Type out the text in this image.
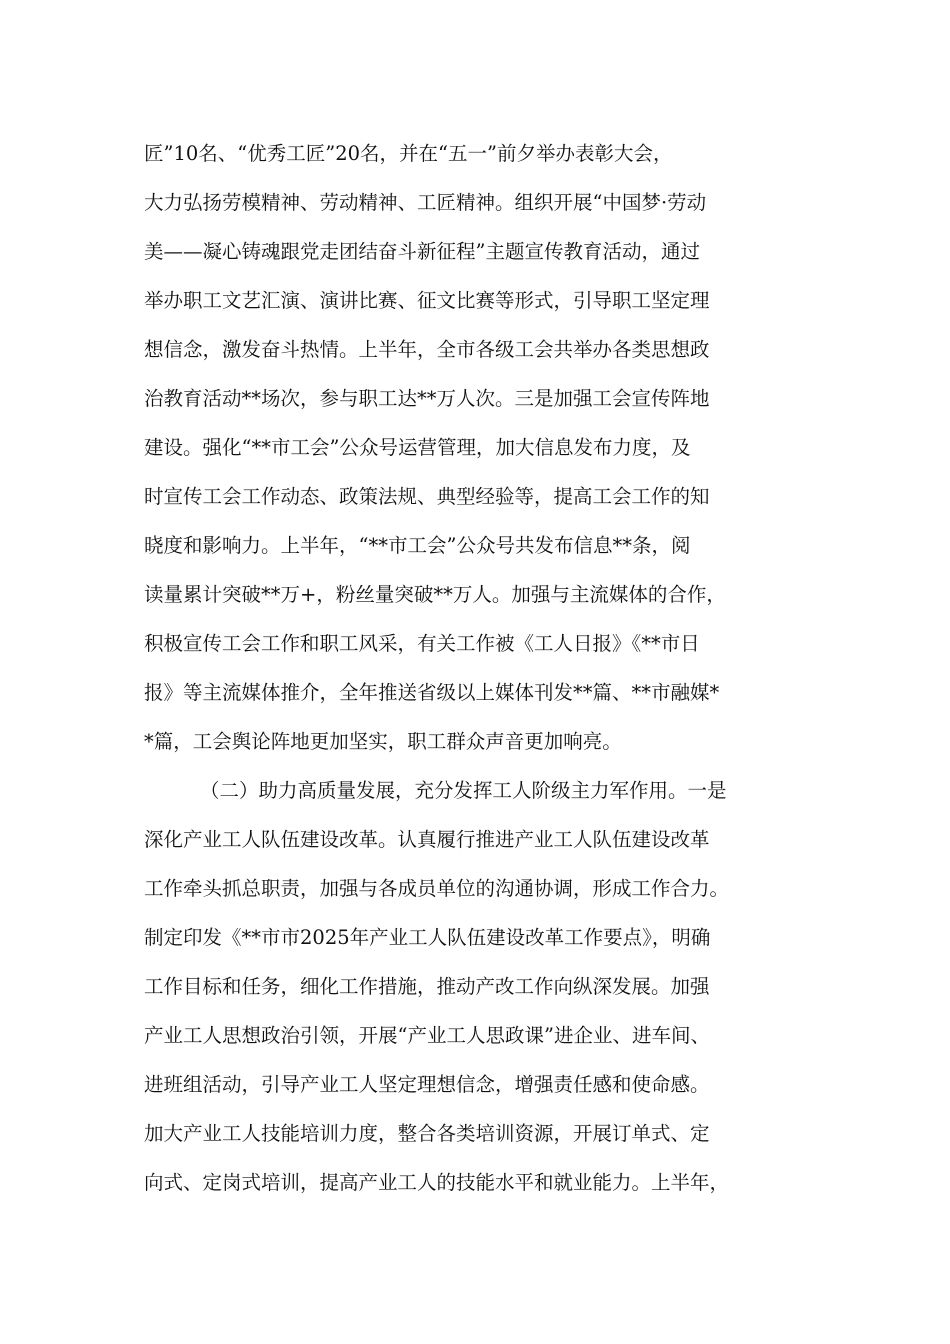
匠”10名、“优秀工匠”20名，并在“五一”前夕举办表彰大会，
大力弘扬劳模精神、劳动精神、工匠精神。组织开展“中国梦·劳动
美——凝心铸魂跟党走团结奋斗新征程”主题宣传教育活动，通过
举办职工文艺汇演、演讲比赛、征文比赛等形式，引导职工坚定理
想信念，激发奋斗热情。上半年，全市各级工会共举办各类思想政
治教育活动**场次，参与职工达**万人次。三是加强工会宣传阵地
建设。强化“**市工会”公众号运营管理，加大信息发布力度，及
时宣传工会工作动态、政策法规、典型经验等，提高工会工作的知
晓度和影响力。上半年，“**市工会”公众号共发布信息**条，阅
读量累计突破**万+，粉丝量突破**万人。加强与主流媒体的合作，
积极宣传工会工作和职工风采，有关工作被《工人日报》《**市日
报》等主流媒体推介，全年推送省级以上媒体刊发**篇、**市融媒*
*篇，工会舆论阵地更加坚实，职工群众声音更加响亮。
（二）助力高质量发展，充分发挥工人阶级主力军作用。一是
深化产业工人队伍建设改革。认真履行推进产业工人队伍建设改革
工作牵头抓总职责，加强与各成员单位的沟通协调，形成工作合力。
制定印发《**市市2025年产业工人队伍建设改革工作要点》，明确
工作目标和任务，细化工作措施，推动产改工作向纵深发展。加强
产业工人思想政治引领，开展“产业工人思政课”进企业、进车间、
进班组活动，引导产业工人坚定理想信念，增强责任感和使命感。
加大产业工人技能培训力度，整合各类培训资源，开展订单式、定
向式、定岗式培训，提高产业工人的技能水平和就业能力。上半年，
